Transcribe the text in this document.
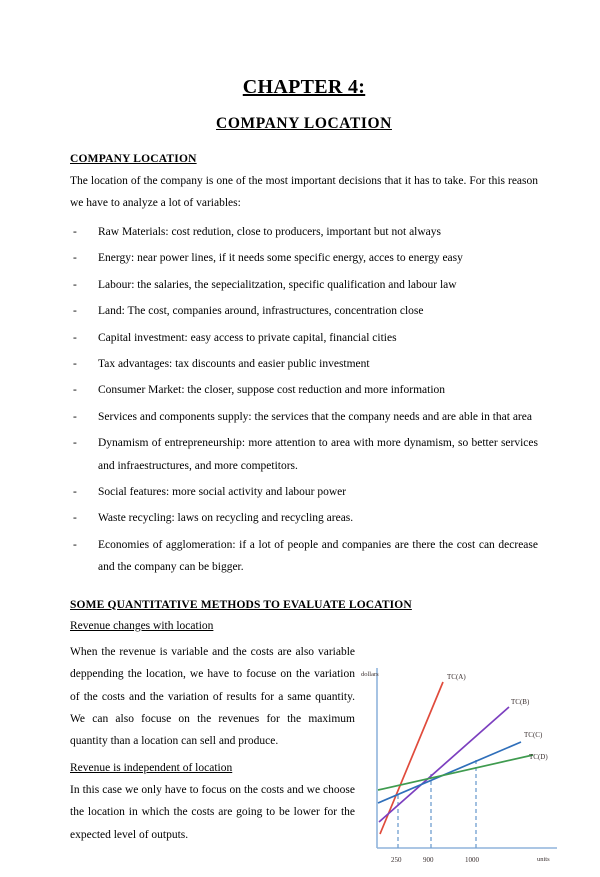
CHAPTER 4:
COMPANY LOCATION
COMPANY LOCATION

The location of the company is one of the most important decisions that it has to take. For this reason we have to analyze a lot of variables:

- Raw Materials: cost redution, close to producers, important but not always
- Energy: near power lines, if it needs some specific energy, acces to energy easy
- Labour: the salaries, the sepecialitzation, specific qualification and labour law
- Land: The cost, companies around, infrastructures, concentration close
- Capital investment: easy access to private capital, financial cities
- Tax advantages: tax discounts and easier public investment
- Consumer Market: the closer, suppose cost reduction and more information
- Services and components supply: the services that the company needs and are able in that area
- Dynamism of entrepreneurship: more attention to area with more dynamism, so better services and infraestructures, and more competitors.
- Social features: more social activity and labour power
- Waste recycling: laws on recycling and recycling areas.
- Economies of agglomeration: if a lot of people and companies are there the cost can decrease and the company can be bigger.
SOME QUANTITATIVE METHODS TO EVALUATE LOCATION
Revenue changes with location

When the revenue is variable and the costs are also variable deppending the location, we have to focuse on the variation of the costs and the variation of results for a same quantity. We can also focuse on the revenues for the maximum quantity than a location can sell and produce.

Revenue is independent of location

In this case we only have to focus on the costs and we choose the location in which the costs are going to be lower for the expected level of outputs.

TC(A)
TC(B)
TC(C)
TC(D)
dollars
units
250	900	1000
